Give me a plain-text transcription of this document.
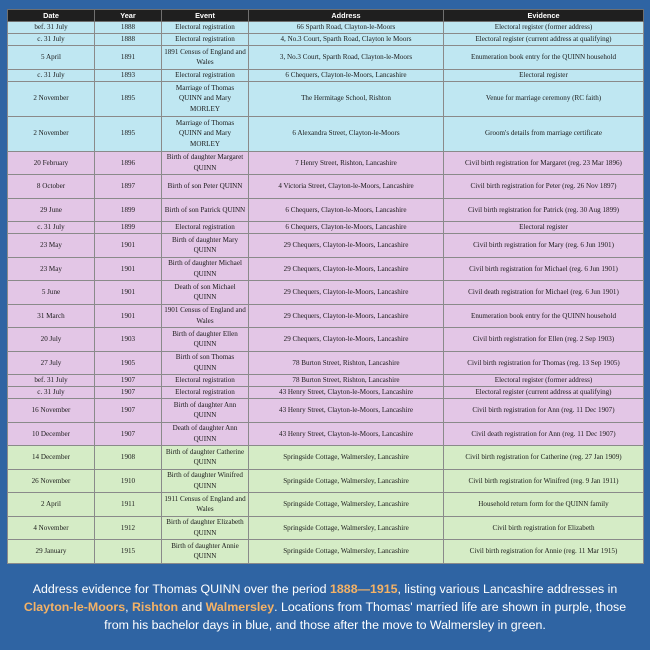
Date	Year	Event	Address	Evidence
bef. 31 July	1888	Electoral registration	66 Sparth Road, Clayton-le-Moors	Electoral register (former address)
c. 31 July	1888	Electoral registration	4, No.3 Court, Sparth Road, Clayton le Moors	Electoral register (current address at qualifying)
5 April	1891	1891 Census of England and Wales	3, No.3 Court, Sparth Road, Clayton-le-Moors	Enumeration book entry for the QUINN household
c. 31 July	1893	Electoral registration	6 Chequers, Clayton-le-Moors, Lancashire	Electoral register
2 November	1895	Marriage of Thomas QUINN and Mary MORLEY	The Hermitage School, Rishton	Venue for marriage ceremony (RC faith)
2 November	1895	Marriage of Thomas QUINN and Mary MORLEY	6 Alexandra Street, Clayton-le-Moors	Groom's details from marriage certificate
20 February	1896	Birth of daughter Margaret QUINN	7 Henry Street, Rishton, Lancashire	Civil birth registration for Margaret (reg. 23 Mar 1896)
8 October	1897	Birth of son Peter QUINN	4 Victoria Street, Clayton-le-Moors, Lancashire	Civil birth registration for Peter (reg. 26 Nov 1897)
29 June	1899	Birth of son Patrick QUINN	6 Chequers, Clayton-le-Moors, Lancashire	Civil birth registration for Patrick (reg. 30 Aug 1899)
c. 31 July	1899	Electoral registration	6 Chequers, Clayton-le-Moors, Lancashire	Electoral register
23 May	1901	Birth of daughter Mary QUINN	29 Chequers, Clayton-le-Moors, Lancashire	Civil birth registration for Mary (reg. 6 Jun 1901)
23 May	1901	Birth of daughter Michael QUINN	29 Chequers, Clayton-le-Moors, Lancashire	Civil birth registration for Michael (reg. 6 Jun 1901)
5 June	1901	Death of son Michael QUINN	29 Chequers, Clayton-le-Moors, Lancashire	Civil death registration for Michael (reg. 6 Jun 1901)
31 March	1901	1901 Census of England and Wales	29 Chequers, Clayton-le-Moors, Lancashire	Enumeration book entry for the QUINN household
20 July	1903	Birth of daughter Ellen QUINN	29 Chequers, Clayton-le-Moors, Lancashire	Civil birth registration for Ellen (reg. 2 Sep 1903)
27 July	1905	Birth of son Thomas QUINN	78 Burton Street, Rishton, Lancashire	Civil birth registration for Thomas (reg. 13 Sep 1905)
bef. 31 July	1907	Electoral registration	78 Burton Street, Rishton, Lancashire	Electoral register (former address)
c. 31 July	1907	Electoral registration	43 Henry Street, Clayton-le-Moors, Lancashire	Electoral register (current address at qualifying)
16 November	1907	Birth of daughter Ann QUINN	43 Henry Street, Clayton-le-Moors, Lancashire	Civil birth registration for Ann (reg. 11 Dec 1907)
10 December	1907	Death of daughter Ann QUINN	43 Henry Street, Clayton-le-Moors, Lancashire	Civil death registration for Ann (reg. 11 Dec 1907)
14 December	1908	Birth of daughter Catherine QUINN	Springside Cottage, Walmersley, Lancashire	Civil birth registration for Catherine (reg. 27 Jan 1909)
26 November	1910	Birth of daughter Winifred QUINN	Springside Cottage, Walmersley, Lancashire	Civil birth registration for Winifred (reg. 9 Jan 1911)
2 April	1911	1911 Census of England and Wales	Springside Cottage, Walmersley, Lancashire	Household return form for the QUINN family
4 November	1912	Birth of daughter Elizabeth QUINN	Springside Cottage, Walmersley, Lancashire	Civil birth registration for Elizabeth
29 January	1915	Birth of daughter Annie QUINN	Springside Cottage, Walmersley, Lancashire	Civil birth registration for Annie (reg. 11 Mar 1915)
Address evidence for Thomas QUINN over the period 1888—1915, listing various Lancashire addresses in Clayton-le-Moors, Rishton and Walmersley. Locations from Thomas' married life are shown in purple, those from his bachelor days in blue, and those after the move to Walmersley in green.
